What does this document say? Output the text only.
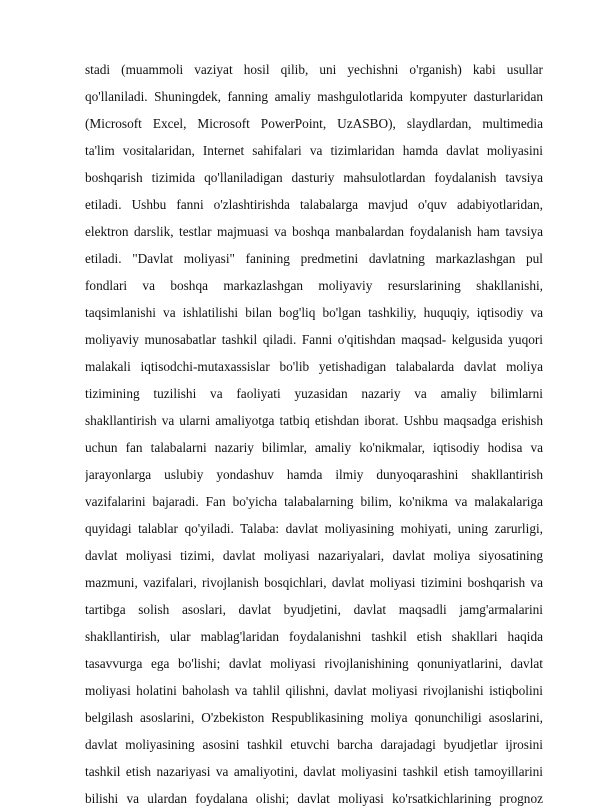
stadi (muammoli vaziyat hosil qilib, uni yechishni o'rganish) kabi usullar
qo'llaniladi. Shuningdek, fanning amaliy mashgulotlarida kompyuter dasturlaridan
(Microsoft Excel, Microsoft PowerPoint, UzASBO), slaydlardan, multimedia
ta'lim vositalaridan, Internet sahifalari va tizimlaridan hamda davlat moliyasini
boshqarish tizimida qo'llaniladigan dasturiy mahsulotlardan foydalanish tavsiya
etiladi. Ushbu fanni o'zlashtirishda talabalarga mavjud o'quv adabiyotlaridan,
elektron darslik, testlar majmuasi va boshqa manbalardan foydalanish ham tavsiya
etiladi. "Davlat moliyasi" fanining predmetini davlatning markazlashgan pul
fondlari va boshqa markazlashgan moliyaviy resurslarining shakllanishi,
taqsimlanishi va ishlatilishi bilan bog'liq bo'lgan tashkiliy, huquqiy, iqtisodiy va
moliyaviy munosabatlar tashkil qiladi. Fanni o'qitishdan maqsad- kelgusida yuqori
malakali iqtisodchi-mutaxassislar bo'lib yetishadigan talabalarda davlat moliya
tizimining tuzilishi va faoliyati yuzasidan nazariy va amaliy bilimlarni
shakllantirish va ularni amaliyotga tatbiq etishdan iborat. Ushbu maqsadga erishish
uchun fan talabalarni nazariy bilimlar, amaliy ko'nikmalar, iqtisodiy hodisa va
jarayonlarga uslubiy yondashuv hamda ilmiy dunyoqarashini shakllantirish
vazifalarini bajaradi. Fan bo'yicha talabalarning bilim, ko'nikma va malakalariga
quyidagi talablar qo'yiladi. Talaba: davlat moliyasining mohiyati, uning zarurligi,
davlat moliyasi tizimi, davlat moliyasi nazariyalari, davlat moliya siyosatining
mazmuni, vazifalari, rivojlanish bosqichlari, davlat moliyasi tizimini boshqarish va
tartibga solish asoslari, davlat byudjetini, davlat maqsadli jamg'armalarini
shakllantirish, ular mablag'laridan foydalanishni tashkil etish shakllari haqida
tasavvurga ega bo'lishi; davlat moliyasi rivojlanishining qonuniyatlarini, davlat
moliyasi holatini baholash va tahlil qilishni, davlat moliyasi rivojlanishi istiqbolini
belgilash asoslarini, O'zbekiston Respublikasining moliya qonunchiligi asoslarini,
davlat moliyasining asosini tashkil etuvchi barcha darajadagi byudjetlar ijrosini
tashkil etish nazariyasi va amaliyotini, davlat moliyasini tashkil etish tamoyillarini
bilishi va ulardan foydalana olishi; davlat moliyasi ko'rsatkichlarining prognoz
